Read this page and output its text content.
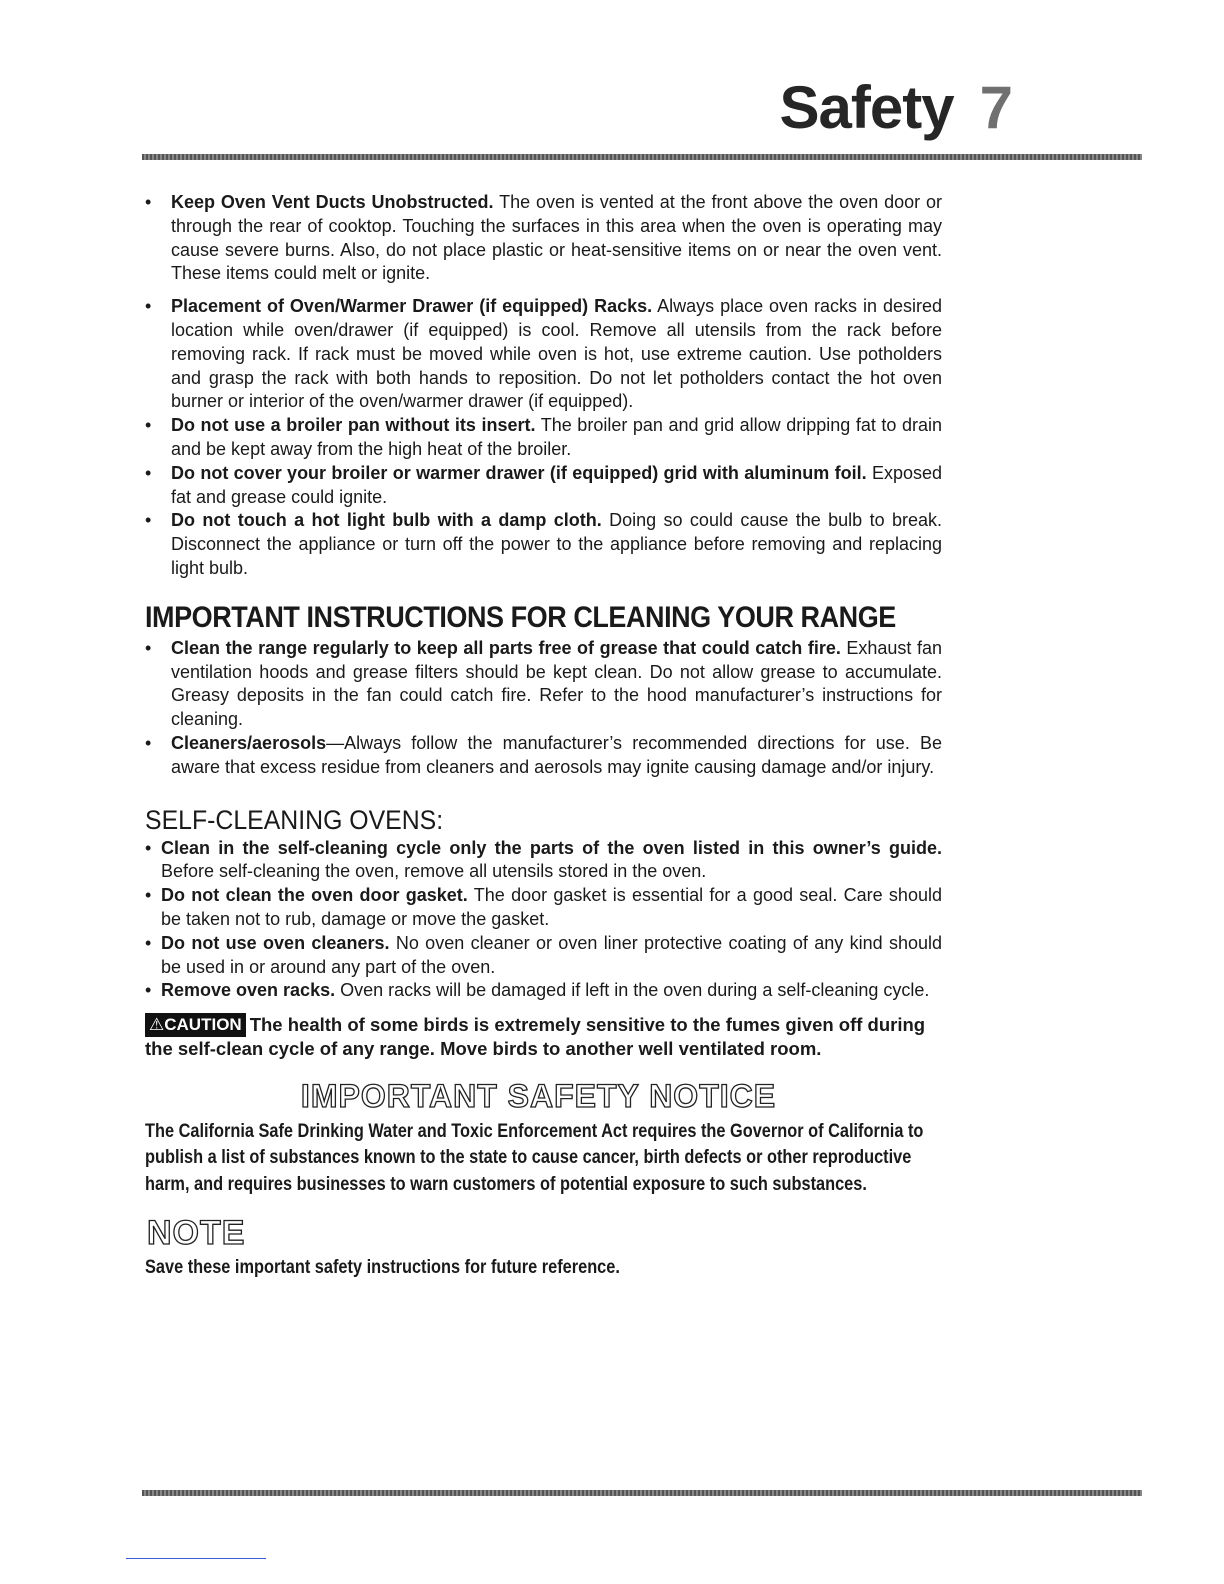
Safety 7
• Keep Oven Vent Ducts Unobstructed. The oven is vented at the front above the oven door or through the rear of cooktop. Touching the surfaces in this area when the oven is operating may cause severe burns. Also, do not place plastic or heat-sensitive items on or near the oven vent. These items could melt or ignite.
• Placement of Oven/Warmer Drawer (if equipped) Racks. Always place oven racks in desired location while oven/drawer (if equipped) is cool. Remove all utensils from the rack before removing rack. If rack must be moved while oven is hot, use extreme caution. Use potholders and grasp the rack with both hands to reposition. Do not let potholders contact the hot oven burner or interior of the oven/warmer drawer (if equipped).
• Do not use a broiler pan without its insert. The broiler pan and grid allow dripping fat to drain and be kept away from the high heat of the broiler.
• Do not cover your broiler or warmer drawer (if equipped) grid with aluminum foil. Exposed fat and grease could ignite.
• Do not touch a hot light bulb with a damp cloth. Doing so could cause the bulb to break. Disconnect the appliance or turn off the power to the appliance before removing and replacing light bulb.
IMPORTANT INSTRUCTIONS FOR CLEANING YOUR RANGE
• Clean the range regularly to keep all parts free of grease that could catch fire. Exhaust fan ventilation hoods and grease filters should be kept clean. Do not allow grease to accumulate. Greasy deposits in the fan could catch fire. Refer to the hood manufacturer’s instructions for cleaning.
• Cleaners/aerosols—Always follow the manufacturer’s recommended directions for use. Be aware that excess residue from cleaners and aerosols may ignite causing damage and/or injury.
SELF-CLEANING OVENS:
• Clean in the self-cleaning cycle only the parts of the oven listed in this owner’s guide. Before self-cleaning the oven, remove all utensils stored in the oven.
• Do not clean the oven door gasket. The door gasket is essential for a good seal. Care should be taken not to rub, damage or move the gasket.
• Do not use oven cleaners. No oven cleaner or oven liner protective coating of any kind should be used in or around any part of the oven.
• Remove oven racks. Oven racks will be damaged if left in the oven during a self-cleaning cycle.
⚠CAUTION The health of some birds is extremely sensitive to the fumes given off during the self-clean cycle of any range. Move birds to another well ventilated room.
IMPORTANT SAFETY NOTICE
The California Safe Drinking Water and Toxic Enforcement Act requires the Governor of California to publish a list of substances known to the state to cause cancer, birth defects or other reproductive harm, and requires businesses to warn customers of potential exposure to such substances.
NOTE
Save these important safety instructions for future reference.
